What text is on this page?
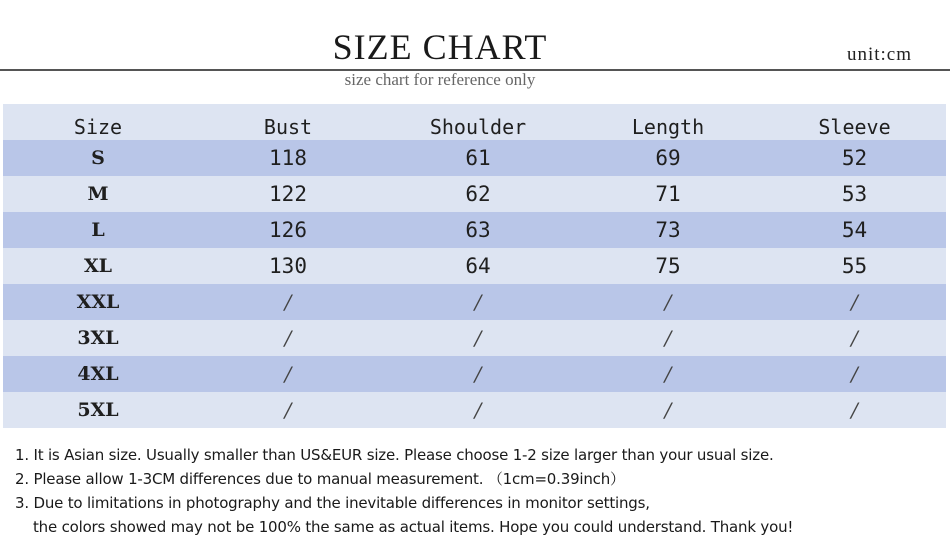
SIZE CHART	unit:cm
size chart for reference only
Size	Bust	Shoulder	Length	Sleeve
S	118	61	69	52
M	122	62	71	53
L	126	63	73	54
XL	130	64	75	55
XXL	/	/	/	/
3XL	/	/	/	/
4XL	/	/	/	/
5XL	/	/	/	/
1. It is Asian size. Usually smaller than US&EUR size. Please choose 1-2 size larger than your usual size.
2. Please allow 1-3CM differences due to manual measurement. （1cm=0.39inch）
3. Due to limitations in photography and the inevitable differences in monitor settings,
the colors showed may not be 100% the same as actual items. Hope you could understand. Thank you!
